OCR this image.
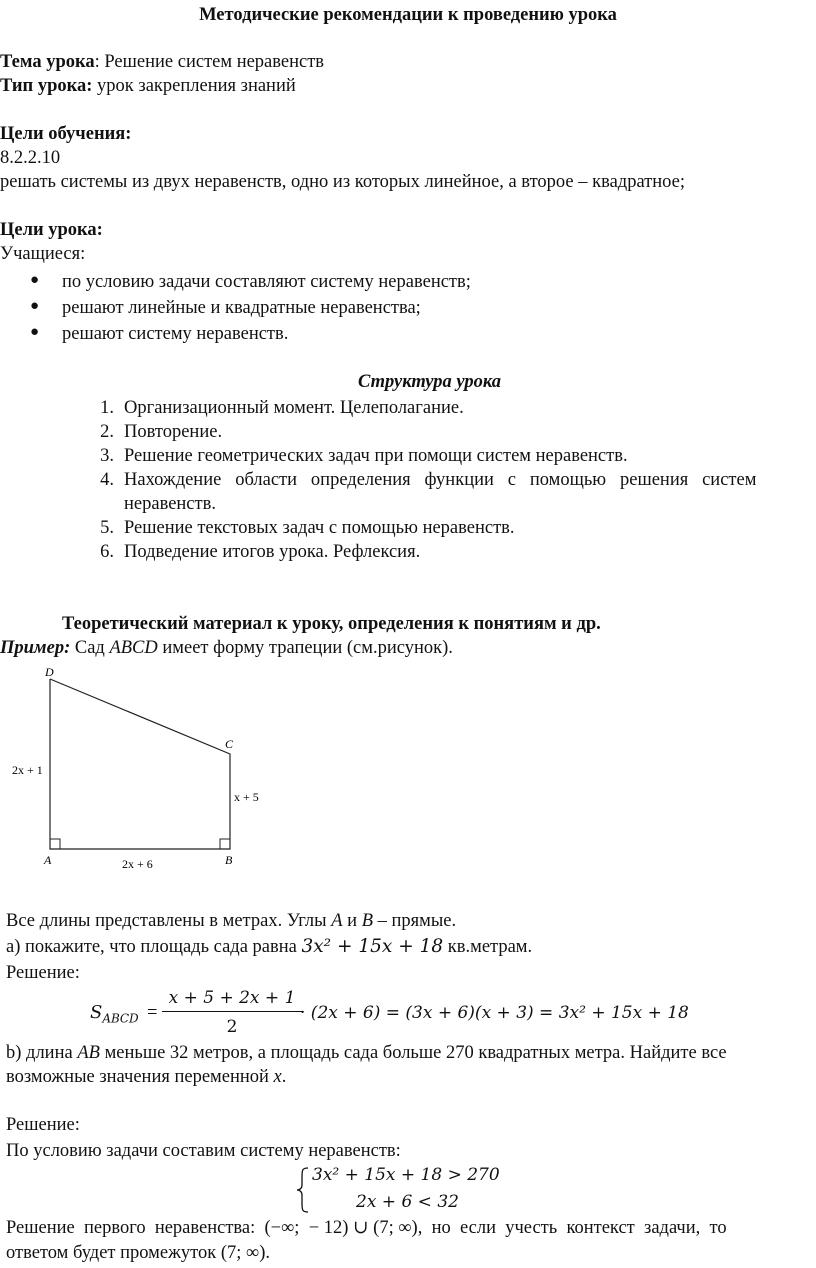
Методические рекомендации к проведению урока
Тема урока: Решение систем неравенств
Тип урока: урок закрепления знаний
Цели обучения:
8.2.2.10
решать системы из двух неравенств, одно из которых линейное, а второе – квадратное;
Цели урока:
Учащиеся:
● по условию задачи составляют систему неравенств;
● решают линейные и квадратные неравенства;
● решают систему неравенств.
Структура урока
1. Организационный момент. Целеполагание.
2. Повторение.
3. Решение геометрических задач при помощи систем неравенств.
4. Нахождение   области   определения   функции   с   помощью   решения   систем
неравенств.
5. Решение текстовых задач с помощью неравенств.
6. Подведение итогов урока. Рефлексия.
Теоретический материал к уроку, определения к понятиям и др.
Пример: Сад ABCD имеет форму трапеции (см.рисунок).
D
C
A	B
2x + 1
x + 5
2x + 6
Все длины представлены в метрах. Углы A и B – прямые.
а) покажите, что площадь сада равна 3𝑥² + 15𝑥 + 18 кв.метрам.
Решение:
𝑆$_{𝐴𝐵𝐶𝐷}$ =
𝑥 + 5 + 2𝑥 + 1
2
· (2𝑥 + 6) = (3𝑥 + 6)(𝑥 + 3) = 3𝑥² + 15𝑥 + 18
b) длина AB меньше 32 метров, а площадь сада больше 270 квадратных метра. Найдите все
возможные значения переменной x.
Решение:
По условию задачи составим систему неравенств:
3𝑥² + 15𝑥 + 18 > 270
2𝑥 + 6 < 32
Решение  первого  неравенства:  (−∞;  − 12) ∪ (7; ∞),  но  если  учесть  контекст  задачи,  то
ответом будет промежуток (7; ∞).
